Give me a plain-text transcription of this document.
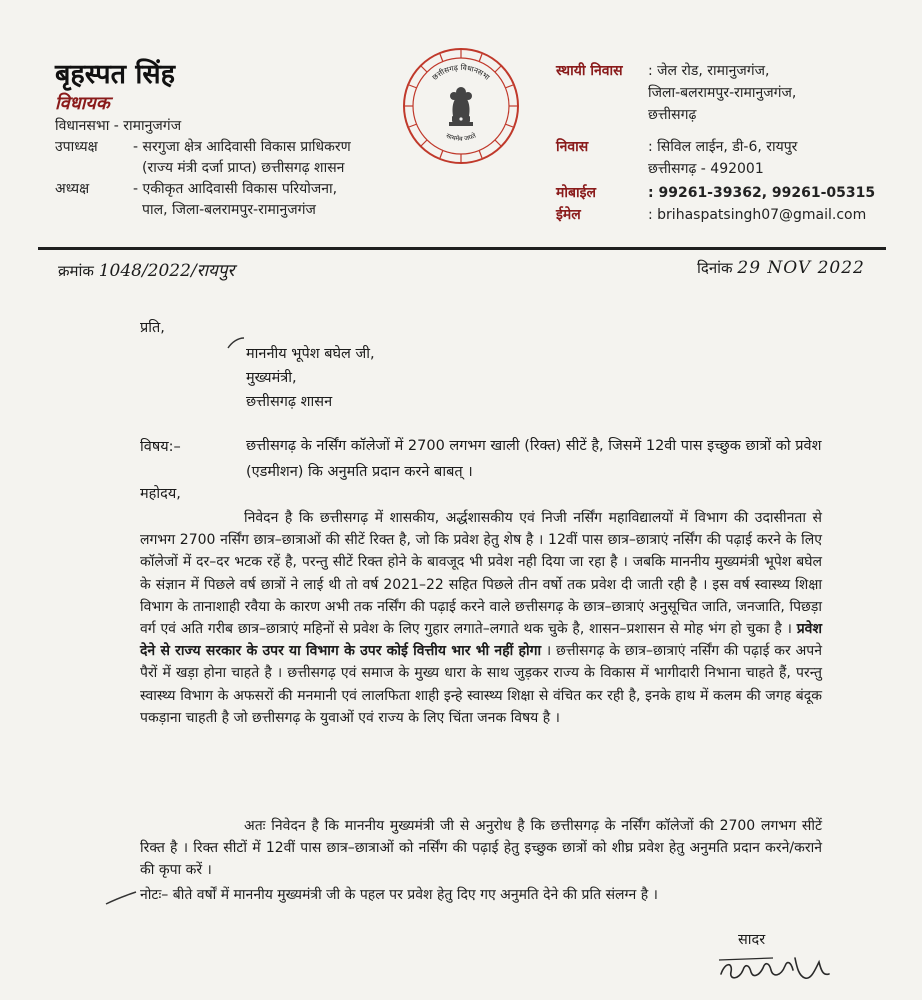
बृहस्पत सिंह
विधायक
विधानसभा - रामानुजगंज
उपाध्यक्ष	- सरगुजा क्षेत्र आदिवासी विकास प्राधिकरण
(राज्य मंत्री दर्जा प्राप्त) छत्तीसगढ़ शासन
अध्यक्ष	- एकीकृत आदिवासी विकास परियोजना,
पाल, जिला-बलरामपुर-रामानुजगंज
छत्तीसगढ़ विधानसभा
सत्यमेव जयते
स्थायी निवास	: जेल रोड, रामानुजगंज,
जिला-बलरामपुर-रामानुजगंज,
छत्तीसगढ़
निवास	: सिविल लाईन, डी-6, रायपुर
छत्तीसगढ़ - 492001
मोबाईल	: 99261-39362, 99261-05315
ईमेल	: brihaspatsingh07@gmail.com
क्रमांक 1048/2022/रायपुर	दिनांक 29 NOV 2022
प्रति,
माननीय भूपेश बघेल जी,
मुख्यमंत्री,
छत्तीसगढ़ शासन
विषय:–	छत्तीसगढ़ के नर्सिंग कॉलेजों में 2700 लगभग खाली (रिक्त) सीटें है, जिसमें 12वी पास इच्छुक छात्रों को प्रवेश (एडमीशन) कि अनुमति प्रदान करने बाबत् ।
महोदय,
निवेदन है कि छत्तीसगढ़ में शासकीय, अर्द्धशासकीय एवं निजी नर्सिंग महाविद्यालयों में विभाग की उदासीनता से लगभग 2700 नर्सिंग छात्र–छात्राओं की सीटें रिक्त है, जो कि प्रवेश हेतु शेष है । 12वीं पास छात्र–छात्राएं नर्सिंग की पढ़ाई करने के लिए कॉलेजों में दर–दर भटक रहें है, परन्तु सीटें रिक्त होने के बावजूद भी प्रवेश नही दिया जा रहा है । जबकि माननीय मुख्यमंत्री भूपेश बघेल के संज्ञान में पिछले वर्ष छात्रों ने लाई थी तो वर्ष 2021–22 सहित पिछले तीन वर्षो तक प्रवेश दी जाती रही है । इस वर्ष स्वास्थ्य शिक्षा विभाग के तानाशाही रवैया के कारण अभी तक नर्सिंग की पढ़ाई करने वाले छत्तीसगढ़ के छात्र–छात्राएं अनुसूचित जाति, जनजाति, पिछड़ा वर्ग एवं अति गरीब छात्र–छात्राएं महिनों से प्रवेश के लिए गुहार लगाते–लगाते थक चुके है, शासन–प्रशासन से मोह भंग हो चुका है । प्रवेश देने से राज्य सरकार के उपर या विभाग के उपर कोई वित्तीय भार भी नहीं होगा । छत्तीसगढ़ के छात्र–छात्राएं नर्सिंग की पढ़ाई कर अपने पैरों में खड़ा होना चाहते है । छत्तीसगढ़ एवं समाज के मुख्य धारा के साथ जुड़कर राज्य के विकास में भागीदारी निभाना चाहते हैं, परन्तु स्वास्थ्य विभाग के अफसरों की मनमानी एवं लालफिता शाही इन्हे स्वास्थ्य शिक्षा से वंचित कर रही है, इनके हाथ में कलम की जगह बंदूक पकड़ाना चाहती है जो छत्तीसगढ़ के युवाओं एवं राज्य के लिए चिंता जनक विषय है ।
अतः निवेदन है कि माननीय मुख्यमंत्री जी से अनुरोध है कि छत्तीसगढ़ के नर्सिंग कॉलेजों की 2700 लगभग सीटें रिक्त है । रिक्त सीटों में 12वीं पास छात्र–छात्राओं को नर्सिंग की पढ़ाई हेतु इच्छुक छात्रों को शीघ्र प्रवेश हेतु अनुमति प्रदान करने/कराने की कृपा करें ।
नोटः– बीते वर्षों में माननीय मुख्यमंत्री जी के पहल पर प्रवेश हेतु दिए गए अनुमति देने की प्रति संलग्न है ।
सादर
